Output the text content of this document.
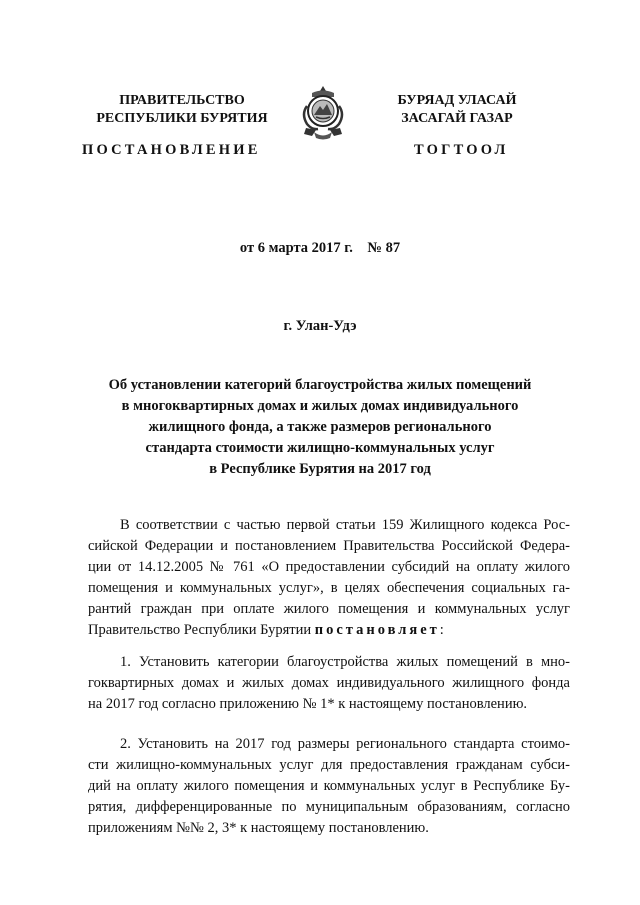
ПРАВИТЕЛЬСТВО
РЕСПУБЛИКИ БУРЯТИЯ
БУРЯАД УЛАСАЙ
ЗАСАГАЙ ГАЗАР
ПОСТАНОВЛЕНИЕ	ТОГТООЛ
от 6 марта 2017 г. № 87
г. Улан-Удэ
Об установлении категорий благоустройства жилых помещений
в многоквартирных домах и жилых домах индивидуального
жилищного фонда, а также размеров регионального
стандарта стоимости жилищно-коммунальных услуг
в Республике Бурятия на 2017 год
В соответствии с частью первой статьи 159 Жилищного кодекса Рос-
сийской Федерации и постановлением Правительства Российской Федера-
ции от 14.12.2005 № 761 «О предоставлении субсидий на оплату жилого
помещения и коммунальных услуг», в целях обеспечения социальных га-
рантий граждан при оплате жилого помещения и коммунальных услуг
Правительство Республики Бурятии постановляет:
1. Установить категории благоустройства жилых помещений в мно-
гоквартирных домах и жилых домах индивидуального жилищного фонда
на 2017 год согласно приложению № 1* к настоящему постановлению.
2. Установить на 2017 год размеры регионального стандарта стоимо-
сти жилищно-коммунальных услуг для предоставления гражданам субси-
дий на оплату жилого помещения и коммунальных услуг в Республике Бу-
рятия, дифференцированные по муниципальным образованиям, согласно
приложениям №№ 2, 3* к настоящему постановлению.
